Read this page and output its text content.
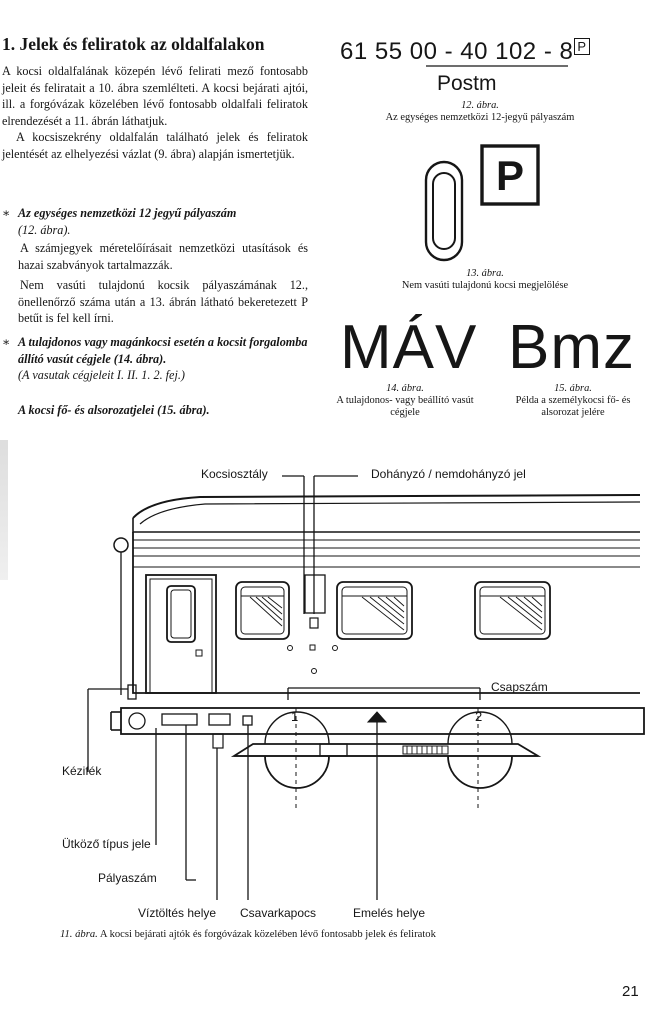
1. Jelek és feliratok az oldalfalakon
A kocsi oldalfalának közepén lévő felirati mező fontosabb jeleit és feliratait a 10. ábra szemlélteti. A kocsi bejárati ajtói, ill. a forgóvázak közelében lévő fontosabb oldalfali feliratok elrendezését a 11. ábrán láthatjuk.
A kocsiszekrény oldalfalán található jelek és feliratok jelentését az elhelyezési vázlat (9. ábra) alapján ismertetjük.
∗ Az egységes nemzetközi 12 jegyű pályaszám
(12. ábra).
A számjegyek méretelőírásait nemzetközi utasítások és hazai szabványok tartalmazzák.
Nem vasúti tulajdonú kocsik pályaszámának 12., önellenőrző száma után a 13. ábrán látható bekeretezett P betűt is fel kell írni.
∗ A tulajdonos vagy magánkocsi esetén a kocsit forgalomba állító vasút cégjele (14. ábra).
(A vasutak cégjeleit I. II. 1. 2. fej.)
A kocsi fő- és alsorozatjelei (15. ábra).
61 55 00 - 40 102 - 8 P
Postm
12. ábra.
Az egységes nemzetközi 12-jegyű pályaszám
P
13. ábra.
Nem vasúti tulajdonú kocsi megjelölése
MÁV
14. ábra.
A tulajdonos- vagy beállító vasút cégjele
Bmz
15. ábra.
Példa a személykocsi fő- és alsorozat jelére
1	2
Kocsiosztály	Dohányzó / nemdohányzó jel
Csapszám
Kézifék
Ütköző típus jele
Pályaszám
Víztöltés helye Csavarkapocs	Emelés helye
11. ábra. A kocsi bejárati ajtók és forgóvázak közelében lévő fontosabb jelek és feliratok
21
